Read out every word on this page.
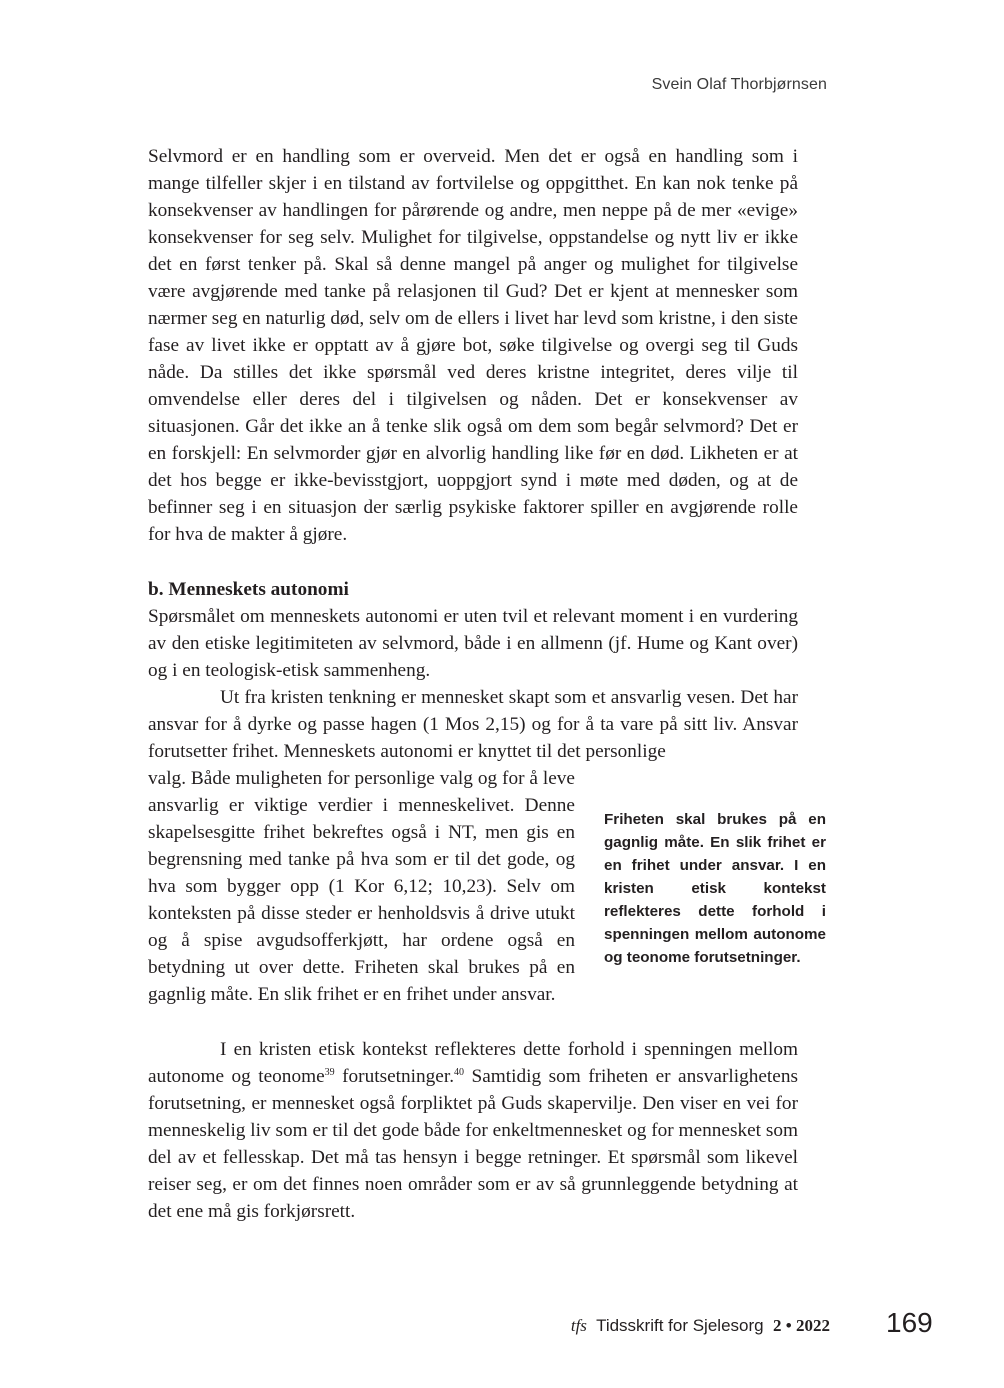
Svein Olaf Thorbjørnsen

Selvmord er en handling som er overveid. Men det er også en handling som i mange tilfeller skjer i en tilstand av fortvilelse og oppgitthet. En kan nok tenke på konsekvenser av handlingen for pårørende og andre, men neppe på de mer «evige» konsekvenser for seg selv. Mulighet for tilgivelse, oppstandelse og nytt liv er ikke det en først tenker på. Skal så denne mangel på anger og mulighet for tilgivelse være avgjørende med tanke på relasjonen til Gud? Det er kjent at mennesker som nærmer seg en naturlig død, selv om de ellers i livet har levd som kristne, i den siste fase av livet ikke er opptatt av å gjøre bot, søke tilgivelse og overgi seg til Guds nåde. Da stilles det ikke spørsmål ved deres kristne integritet, deres vilje til omvendelse eller deres del i tilgivelsen og nåden. Det er konsekvenser av situasjonen. Går det ikke an å tenke slik også om dem som begår selvmord? Det er en forskjell: En selvmorder gjør en alvorlig handling like før en død. Likheten er at det hos begge er ikke-bevisstgjort, uoppgjort synd i møte med døden, og at de befinner seg i en situasjon der særlig psykiske faktorer spiller en avgjørende rolle for hva de makter å gjøre.

b. Menneskets autonomi

Spørsmålet om menneskets autonomi er uten tvil et relevant moment i en vurdering av den etiske legitimiteten av selvmord, både i en allmenn (jf. Hume og Kant over) og i en teologisk-etisk sammenheng.

Ut fra kristen tenkning er mennesket skapt som et ansvarlig vesen. Det har ansvar for å dyrke og passe hagen (1 Mos 2,15) og for å ta vare på sitt liv. Ansvar forutsetter frihet. Menneskets autonomi er knyttet til det personlige

valg. Både muligheten for personlige valg og for å leve ansvarlig er viktige verdier i menneskelivet. Denne skapelsesgitte frihet bekreftes også i NT, men gis en begrensning med tanke på hva som er til det gode, og hva som bygger opp (1 Kor 6,12; 10,23). Selv om konteksten på disse steder er henholdsvis å drive utukt og å spise avgudsofferkjøtt, har ordene også en betydning ut over dette. Friheten skal brukes på en gagnlig måte. En slik frihet er en frihet under ansvar.

Friheten skal brukes på en gagnlig måte. En slik frihet er en frihet under ansvar. I en kristen etisk kontekst reflekteres dette forhold i spenningen mellom autonome og teonome forutsetninger.

I en kristen etisk kontekst reflekteres dette forhold i spenningen mellom autonome og teonome$^{39}$ forutsetninger.$^{40}$ Samtidig som friheten er ansvarlighetens forutsetning, er mennesket også forpliktet på Guds skapervilje. Den viser en vei for menneskelig liv som er til det gode både for enkeltmennesket og for mennesket som del av et fellesskap. Det må tas hensyn i begge retninger. Et spørsmål som likevel reiser seg, er om det finnes noen områder som er av så grunnleggende betydning at det ene må gis forkjørsrett.

tfs Tidsskrift for Sjelesorg 2 • 2022 169
